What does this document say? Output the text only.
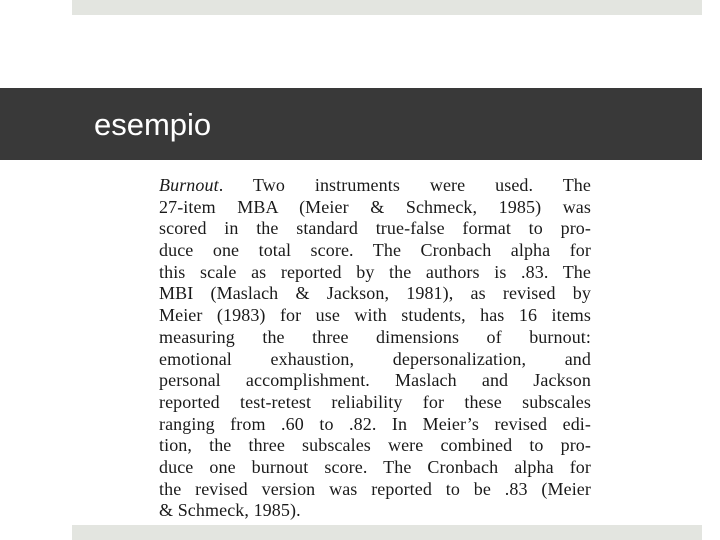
esempio
Burnout. Two instruments were used. The
27-item MBA (Meier & Schmeck, 1985) was
scored in the standard true-false format to pro-
duce one total score. The Cronbach alpha for
this scale as reported by the authors is .83. The
MBI (Maslach & Jackson, 1981), as revised by
Meier (1983) for use with students, has 16 items
measuring the three dimensions of burnout:
emotional exhaustion, depersonalization, and
personal accomplishment. Maslach and Jackson
reported test-retest reliability for these subscales
ranging from .60 to .82. In Meier’s revised edi-
tion, the three subscales were combined to pro-
duce one burnout score. The Cronbach alpha for
the revised version was reported to be .83 (Meier
& Schmeck, 1985).
